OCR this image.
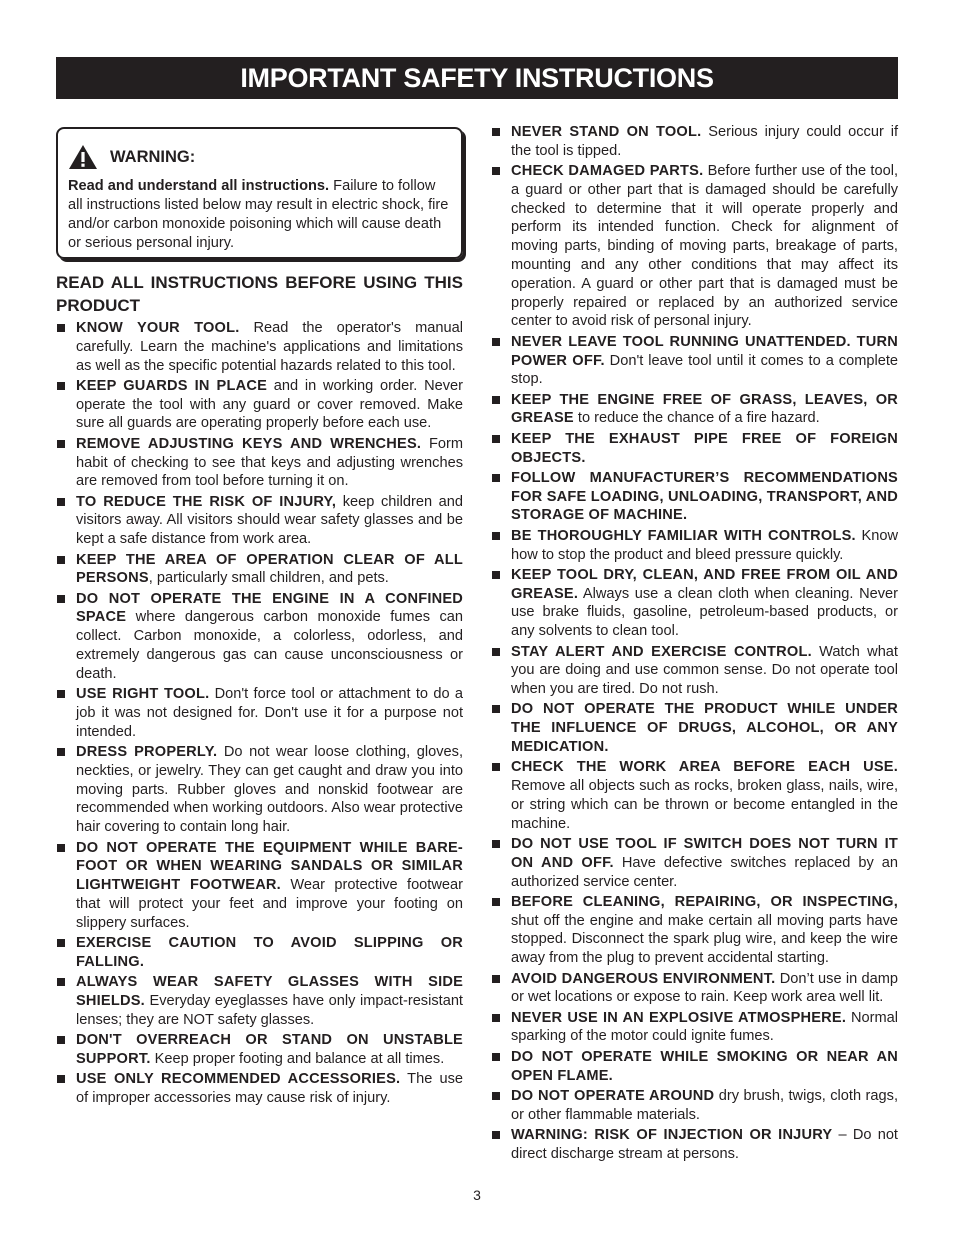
IMPORTANT SAFETY INSTRUCTIONS
WARNING:
Read and understand all instructions. Failure to follow all instructions listed below may result in electric shock, fire and/or carbon monoxide poisoning which will cause death or serious personal injury.
READ ALL INSTRUCTIONS BEFORE USING THIS PRODUCT
KNOW YOUR TOOL. Read the operator's manual carefully. Learn the machine's applications and limitations as well as the specific potential hazards related to this tool.
KEEP GUARDS IN PLACE and in working order. Never operate the tool with any guard or cover removed. Make sure all guards are operating properly before each use.
REMOVE ADJUSTING KEYS AND WRENCHES. Form habit of checking to see that keys and adjusting wrenches are removed from tool before turning it on.
TO REDUCE THE RISK OF INJURY, keep children and visitors away. All visitors should wear safety glasses and be kept a safe distance from work area.
KEEP THE AREA OF OPERATION CLEAR OF ALL PERSONS, particularly small children, and pets.
DO NOT OPERATE THE ENGINE IN A CONFINED SPACE where dangerous carbon monoxide fumes can collect. Carbon monoxide, a colorless, odorless, and extremely dangerous gas can cause unconsciousness or death.
USE RIGHT TOOL. Don't force tool or attachment to do a job it was not designed for. Don't use it for a purpose not intended.
DRESS PROPERLY. Do not wear loose clothing, gloves, neckties, or jewelry. They can get caught and draw you into moving parts. Rubber gloves and nonskid footwear are recommended when working outdoors. Also wear protective hair covering to contain long hair.
DO NOT OPERATE THE EQUIPMENT WHILE BARE-FOOT OR WHEN WEARING SANDALS OR SIMILAR LIGHTWEIGHT FOOTWEAR. Wear protective footwear that will protect your feet and improve your footing on slippery surfaces.
EXERCISE CAUTION TO AVOID SLIPPING OR FALLING.
ALWAYS WEAR SAFETY GLASSES WITH SIDE SHIELDS. Everyday eyeglasses have only impact-resistant lenses; they are NOT safety glasses.
DON'T OVERREACH OR STAND ON UNSTABLE SUPPORT. Keep proper footing and balance at all times.
USE ONLY RECOMMENDED ACCESSORIES. The use of improper accessories may cause risk of injury.
NEVER STAND ON TOOL. Serious injury could occur if the tool is tipped.
CHECK DAMAGED PARTS. Before further use of the tool, a guard or other part that is damaged should be carefully checked to determine that it will operate properly and perform its intended function. Check for alignment of moving parts, binding of moving parts, breakage of parts, mounting and any other conditions that may affect its operation. A guard or other part that is damaged must be properly repaired or replaced by an authorized service center to avoid risk of personal injury.
NEVER LEAVE TOOL RUNNING UNATTENDED. TURN POWER OFF. Don't leave tool until it comes to a complete stop.
KEEP THE ENGINE FREE OF GRASS, LEAVES, OR GREASE to reduce the chance of a fire hazard.
KEEP THE EXHAUST PIPE FREE OF FOREIGN OBJECTS.
FOLLOW MANUFACTURER’S RECOMMENDATIONS FOR SAFE LOADING, UNLOADING, TRANSPORT, AND STORAGE OF MACHINE.
BE THOROUGHLY FAMILIAR WITH CONTROLS. Know how to stop the product and bleed pressure quickly.
KEEP TOOL DRY, CLEAN, AND FREE FROM OIL AND GREASE. Always use a clean cloth when cleaning. Never use brake fluids, gasoline, petroleum-based products, or any solvents to clean tool.
STAY ALERT AND EXERCISE CONTROL. Watch what you are doing and use common sense. Do not operate tool when you are tired. Do not rush.
DO NOT OPERATE THE PRODUCT WHILE UNDER THE INFLUENCE OF DRUGS, ALCOHOL, OR ANY MEDICATION.
CHECK THE WORK AREA BEFORE EACH USE. Remove all objects such as rocks, broken glass, nails, wire, or string which can be thrown or become entangled in the machine.
DO NOT USE TOOL IF SWITCH DOES NOT TURN IT ON AND OFF. Have defective switches replaced by an authorized service center.
BEFORE CLEANING, REPAIRING, OR INSPECTING, shut off the engine and make certain all moving parts have stopped. Disconnect the spark plug wire, and keep the wire away from the plug to prevent accidental starting.
AVOID DANGEROUS ENVIRONMENT. Don’t use in damp or wet locations or expose to rain. Keep work area well lit.
NEVER USE IN AN EXPLOSIVE ATMOSPHERE. Normal sparking of the motor could ignite fumes.
DO NOT OPERATE WHILE SMOKING OR NEAR AN OPEN FLAME.
DO NOT OPERATE AROUND dry brush, twigs, cloth rags, or other flammable materials.
WARNING: RISK OF INJECTION OR INJURY – Do not direct discharge stream at persons.
3
